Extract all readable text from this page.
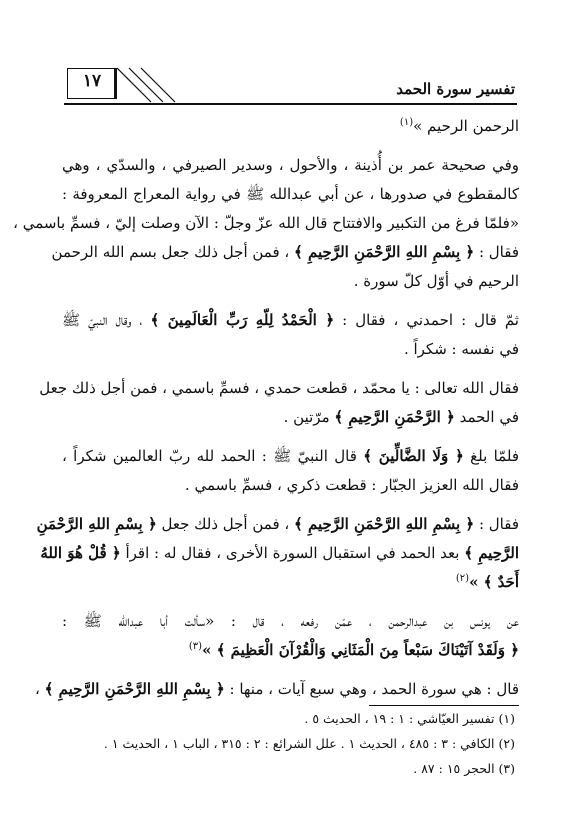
تفسير سورة الحمد
١٧
الرحمن الرحيم »$^{(١)}$
وفي صحيحة عمر بن أُذينة ، والأحول ، وسدير الصيرفي ، والسدّي ، وهي
كالمقطوع في صدورها ، عن أبي عبدالله ﷺ في رواية المعراج المعروفة :
«فلمّا فرغ من التكبير والافتتاح قال الله عزّ وجلّ : الآن وصلت إليّ ، فسمِّ باسمي ،
فقال : ﴿ بِسْمِ اللهِ الرَّحْمَنِ الرَّحِيمِ ﴾ ، فمن أجل ذلك جعل بسم الله الرحمن
الرحيم في أوّل كلّ سورة .
ثمّ قال : احمدني ، فقال : ﴿ الْحَمْدُ لِلّهِ رَبِّ الْعَالَمِينَ ﴾ ، وقال النبيّ ﷺ
في نفسه : شكراً .
فقال الله تعالى : يا محمّد ، قطعت حمدي ، فسمِّ باسمي ، فمن أجل ذلك جعل
في الحمد ﴿ الرَّحْمَنِ الرَّحِيمِ ﴾ مرّتين .
فلمّا بلغ ﴿ وَلَا الضَّالِّينَ ﴾ قال النبيّ ﷺ : الحمد لله ربّ العالمين شكراً ،
فقال الله العزيز الجبّار : قطعت ذكري ، فسمِّ باسمي .
فقال : ﴿ بِسْمِ اللهِ الرَّحْمَنِ الرَّحِيمِ ﴾ ، فمن أجل ذلك جعل ﴿ بِسْمِ اللهِ الرَّحْمَنِ
الرَّحِيمِ ﴾ بعد الحمد في استقبال السورة الأخرى ، فقال له : اقرأ ﴿ قُلْ هُوَ اللهُ
أَحَدٌ ﴾ »$^{(٢)}$
عن يونس بن عبدالرحمن ، عمّن رفعه ، قال : «سألت أبا عبدالله ﷺ :
﴿ وَلَقَدْ آتَيْنَاكَ سَبْعاً مِنَ الْمَثَانِي وَالْقُرْآنَ الْعَظِيمَ ﴾ »$^{(٣)}$
قال : هي سورة الحمد ، وهي سبع آيات ، منها : ﴿ بِسْمِ اللهِ الرَّحْمَنِ الرَّحِيمِ ﴾ ،
(١) تفسير العيّاشي : ١ : ١٩ ، الحديث ٥ .
(٢) الكافي : ٣ : ٤٨٥ ، الحديث ١ . علل الشرائع : ٢ : ٣١٥ ، الباب ١ ، الحديث ١ .
(٣) الحجر ١٥ : ٨٧ .
